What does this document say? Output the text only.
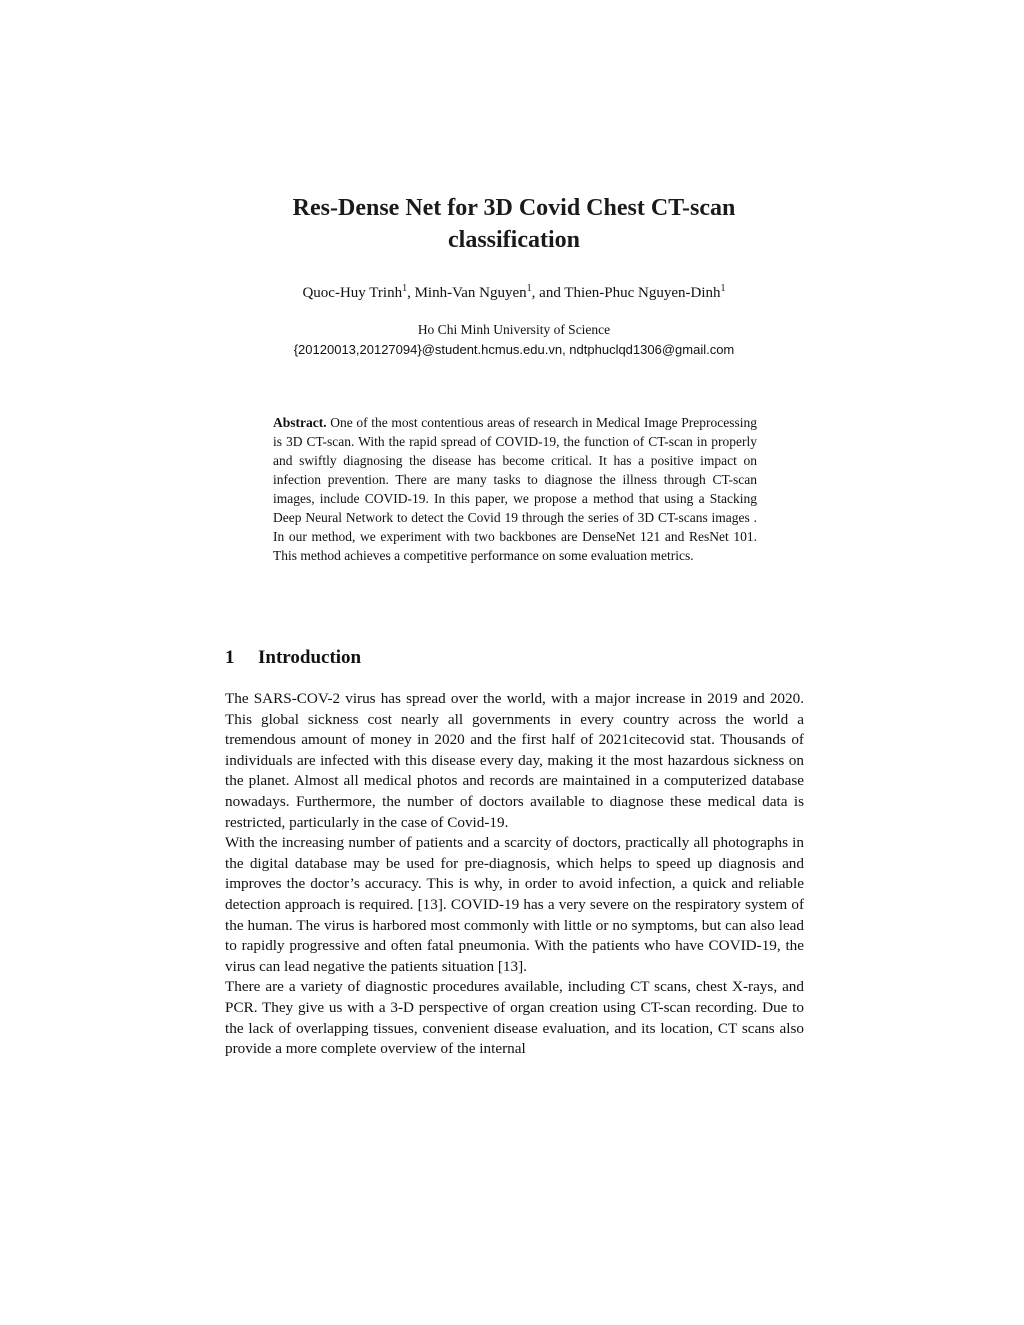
Res-Dense Net for 3D Covid Chest CT-scan classification
Quoc-Huy Trinh$^1$, Minh-Van Nguyen$^1$, and Thien-Phuc Nguyen-Dinh$^1$
Ho Chi Minh University of Science
{20120013,20127094}@student.hcmus.edu.vn, ndtphuclqd1306@gmail.com
Abstract. One of the most contentious areas of research in Medical Image Preprocessing is 3D CT-scan. With the rapid spread of COVID-19, the function of CT-scan in properly and swiftly diagnosing the disease has become critical. It has a positive impact on infection prevention. There are many tasks to diagnose the illness through CT-scan images, include COVID-19. In this paper, we propose a method that using a Stacking Deep Neural Network to detect the Covid 19 through the series of 3D CT-scans images . In our method, we experiment with two backbones are DenseNet 121 and ResNet 101. This method achieves a competitive performance on some evaluation metrics.
1 Introduction

The SARS-COV-2 virus has spread over the world, with a major increase in 2019 and 2020. This global sickness cost nearly all governments in every country across the world a tremendous amount of money in 2020 and the first half of 2021citecovid stat. Thousands of individuals are infected with this disease every day, making it the most hazardous sickness on the planet. Almost all medical photos and records are maintained in a computerized database nowadays. Furthermore, the number of doctors available to diagnose these medical data is restricted, particularly in the case of Covid-19.

With the increasing number of patients and a scarcity of doctors, practically all photographs in the digital database may be used for pre-diagnosis, which helps to speed up diagnosis and improves the doctor’s accuracy. This is why, in order to avoid infection, a quick and reliable detection approach is required. [13]. COVID-19 has a very severe on the respiratory system of the human. The virus is harbored most commonly with little or no symptoms, but can also lead to rapidly progressive and often fatal pneumonia. With the patients who have COVID-19, the virus can lead negative the patients situation [13].

There are a variety of diagnostic procedures available, including CT scans, chest X-rays, and PCR. They give us with a 3-D perspective of organ creation using CT-scan recording. Due to the lack of overlapping tissues, convenient disease evaluation, and its location, CT scans also provide a more complete overview of the internal
